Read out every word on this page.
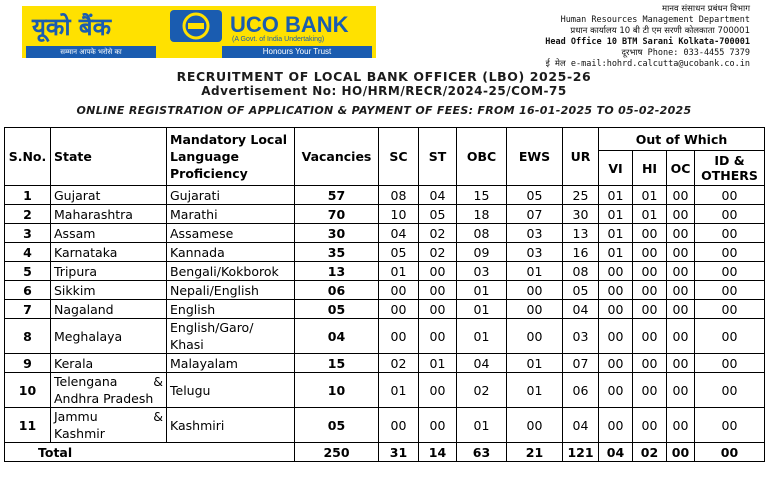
यूको बैंक
सम्मान आपके भरोसे का
UCO BANK
(A Govt. of India Undertaking)
Honours Your Trust
मानव संसाधन प्रबंधन विभाग
Human Resources Management Department
प्रधान कार्यालय 10 बी टी एम सरणी कोलकाता 700001
Head Office 10 BTM Sarani Kolkata-700001
दूरभाष Phone: 033-4455 7379
ई मेल e-mail:hohrd.calcutta@ucobank.co.in
RECRUITMENT OF LOCAL BANK OFFICER (LBO) 2025-26
Advertisement No: HO/HRM/RECR/2024-25/COM-75
ONLINE REGISTRATION OF APPLICATION & PAYMENT OF FEES: FROM 16-01-2025 TO 05-02-2025
S.No.	State	Mandatory Local Language Proficiency	Vacancies	SC	ST	OBC	EWS	UR	Out of Which			
									VI	HI	OC	ID & OTHERS
1	Gujarat	Gujarati	57	08	04	15	05	25	01	01	00	00
2	Maharashtra	Marathi	70	10	05	18	07	30	01	01	00	00
3	Assam	Assamese	30	04	02	08	03	13	01	00	00	00
4	Karnataka	Kannada	35	05	02	09	03	16	01	00	00	00
5	Tripura	Bengali/Kokborok	13	01	00	03	01	08	00	00	00	00
6	Sikkim	Nepali/English	06	00	00	01	00	05	00	00	00	00
7	Nagaland	English	05	00	00	01	00	04	00	00	00	00
8	Meghalaya	English/Garo/ Khasi	04	00	00	01	00	03	00	00	00	00
9	Kerala	Malayalam	15	02	01	04	01	07	00	00	00	00
10	Telengana &
Andhra Pradesh	Telugu	10	01	00	02	01	06	00	00	00	00
11	Jammu &
Kashmir	Kashmiri	05	00	00	01	00	04	00	00	00	00
Total			250	31	14	63	21	121	04	02	00	00
